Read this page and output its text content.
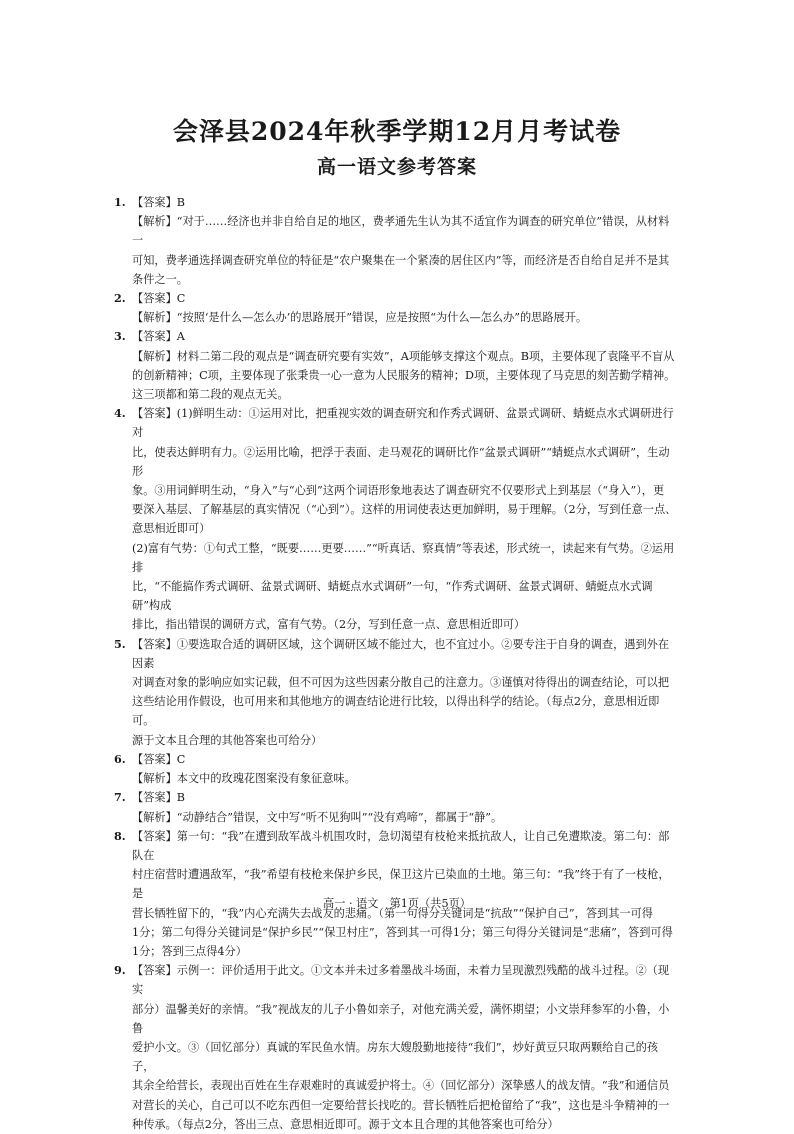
会泽县2024年秋季学期12月月考试卷
高一语文参考答案
1. 【答案】B
【解析】“对于……经济也并非自给自足的地区，费孝通先生认为其不适宜作为调查的研究单位”错误，从材料一
可知，费孝通选择调查研究单位的特征是“农户聚集在一个紧凑的居住区内”等，而经济是否自给自足并不是其
条件之一。
2. 【答案】C
【解析】“按照‘是什么—怎么办’的思路展开”错误，应是按照“为什么—怎么办”的思路展开。
3. 【答案】A
【解析】材料二第二段的观点是“调查研究要有实效”，A项能够支撑这个观点。B项，主要体现了袁隆平不盲从
的创新精神；C项，主要体现了张秉贵一心一意为人民服务的精神；D项，主要体现了马克思的刻苦勤学精神。
这三项都和第二段的观点无关。
4. 【答案】(1)鲜明生动：①运用对比，把重视实效的调查研究和作秀式调研、盆景式调研、蜻蜓点水式调研进行对
比，使表达鲜明有力。②运用比喻，把浮于表面、走马观花的调研比作“盆景式调研”“蜻蜓点水式调研”，生动形
象。③用词鲜明生动，“身入”与“心到”这两个词语形象地表达了调查研究不仅要形式上到基层（“身入”），更
要深入基层、了解基层的真实情况（“心到”）。这样的用词使表达更加鲜明，易于理解。（2分，写到任意一点、
意思相近即可）
(2)富有气势：①句式工整，“既要……更要……”“听真话、察真情”等表述，形式统一，读起来有气势。②运用排
比，“不能搞作秀式调研、盆景式调研、蜻蜓点水式调研”一句，“作秀式调研、盆景式调研、蜻蜓点水式调研”构成
排比，指出错误的调研方式，富有气势。（2分，写到任意一点、意思相近即可）
5. 【答案】①要选取合适的调研区域，这个调研区域不能过大，也不宜过小。②要专注于自身的调查，遇到外在因素
对调查对象的影响应如实记载，但不可因为这些因素分散自己的注意力。③谨慎对待得出的调查结论，可以把
这些结论用作假设，也可用来和其他地方的调查结论进行比较，以得出科学的结论。（每点2分，意思相近即可。
源于文本且合理的其他答案也可给分）
6. 【答案】C
【解析】本文中的玫瑰花图案没有象征意味。
7. 【答案】B
【解析】“动静结合”错误，文中写“听不见狗叫”“没有鸡啼”，都属于“静”。
8. 【答案】第一句：“我”在遭到敌军战斗机围攻时，急切渴望有枝枪来抵抗敌人，让自己免遭欺凌。第二句：部队在
村庄宿营时遭遇敌军，“我”希望有枝枪来保护乡民，保卫这片已染血的土地。第三句：“我”终于有了一枝枪，是
营长牺牲留下的，“我”内心充满失去战友的悲痛。（第一句得分关键词是“抗敌”“保护自己”，答到其一可得
1分；第二句得分关键词是“保护乡民”“保卫村庄”，答到其一可得1分；第三句得分关键词是“悲痛”，答到可得
1分；答到三点得4分）
9. 【答案】示例一：评价适用于此文。①文本并未过多着墨战斗场面，未着力呈现激烈残酷的战斗过程。②（现实
部分）温馨美好的亲情。“我”视战友的儿子小鲁如亲子，对他充满关爱，满怀期望；小文崇拜参军的小鲁，小鲁
爱护小文。③（回忆部分）真诚的军民鱼水情。房东大嫂殷勤地接待“我们”，炒好黄豆只取两颗给自己的孩子，
其余全给营长，表现出百姓在生存艰难时的真诚爱护将士。④（回忆部分）深挚感人的战友情。“我”和通信员
对营长的关心，自己可以不吃东西但一定要给营长找吃的。营长牺牲后把枪留给了“我”，这也是斗争精神的一
种传承。（每点2分，答出三点、意思相近即可。源于文本且合理的其他答案也可给分）
高一 · 语文　第1页（共5页）
